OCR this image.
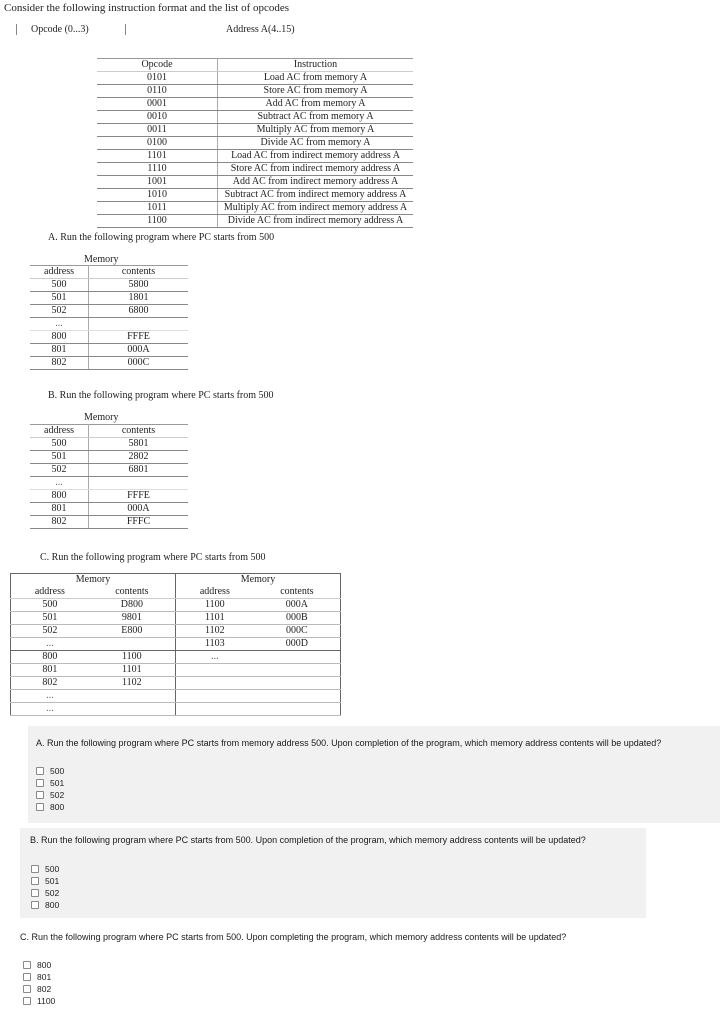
Consider the following instruction format and the list of opcodes
Opcode (0...3)	Address A(4..15)
Opcode	Instruction
0101	Load AC from memory A
0110	Store AC from memory A
0001	Add AC from memory A
0010	Subtract AC from memory A
0011	Multiply AC from memory A
0100	Divide AC from memory A
1101	Load AC from indirect memory address A
1110	Store AC from indirect memory address A
1001	Add AC from indirect memory address A
1010	Subtract AC from indirect memory address A
1011	Multiply AC from indirect memory address A
1100	Divide AC from indirect memory address A
A. Run the following program where PC starts from 500
Memory
address	contents
500	5800
501	1801
502	6800
...	
800	FFFE
801	000A
802	000C
B. Run the following program where PC starts from 500
Memory
address	contents
500	5801
501	2802
502	6801
...	
800	FFFE
801	000A
802	FFFC
C. Run the following program where PC starts from 500
Memory		Memory	
address	contents	address	contents
500	D800	1100	000A
501	9801	1101	000B
502	E800	1102	000C
...		1103	000D
800	1100	...	
801	1101		
802	1102		
...			
...			
A. Run the following program where PC starts from memory address 500. Upon completion of the program, which memory address contents will be updated?
500
501
502
800
B. Run the following program where PC starts from 500. Upon completion of the program, which memory address contents will be updated?
500
501
502
800
C. Run the following program where PC starts from 500. Upon completing the program, which memory address contents will be updated?
800
801
802
1100
